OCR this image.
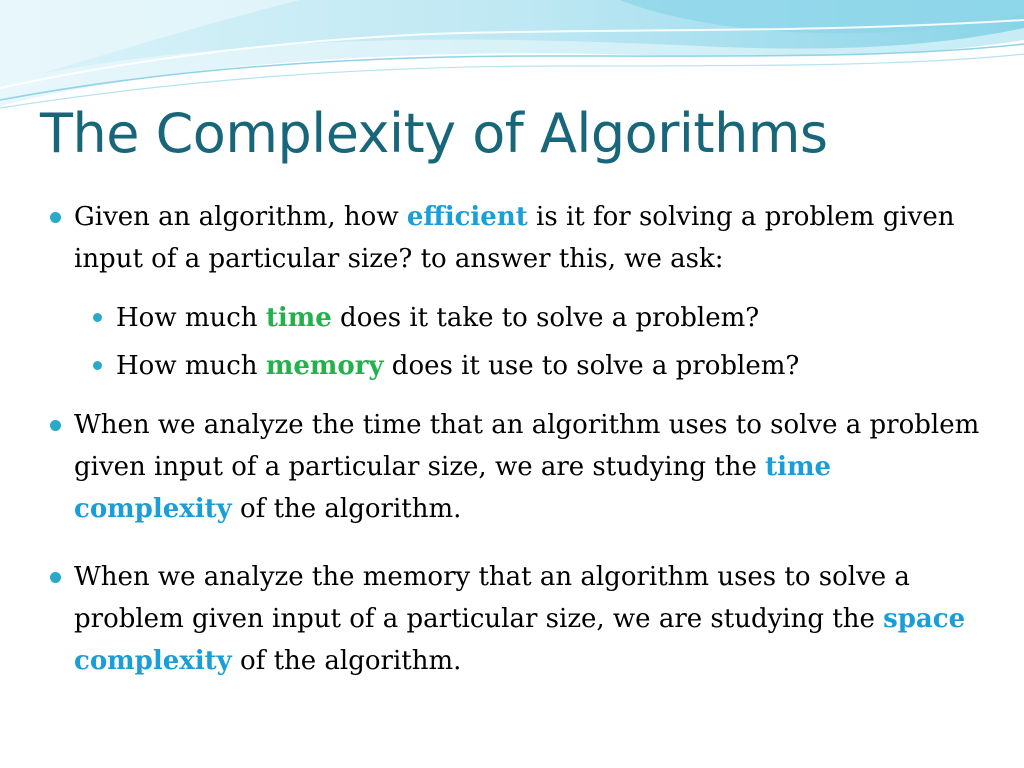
The Complexity of Algorithms

Given an algorithm, how efficient is it for solving a problem given input of a particular size? to answer this, we ask:

How much time does it take to solve a problem?

How much memory does it use to solve a problem?

When we analyze the time that an algorithm uses to solve a problem given input of a particular size, we are studying the time complexity of the algorithm.

When we analyze the memory that an algorithm uses to solve a problem given input of a particular size, we are studying the space complexity of the algorithm.
